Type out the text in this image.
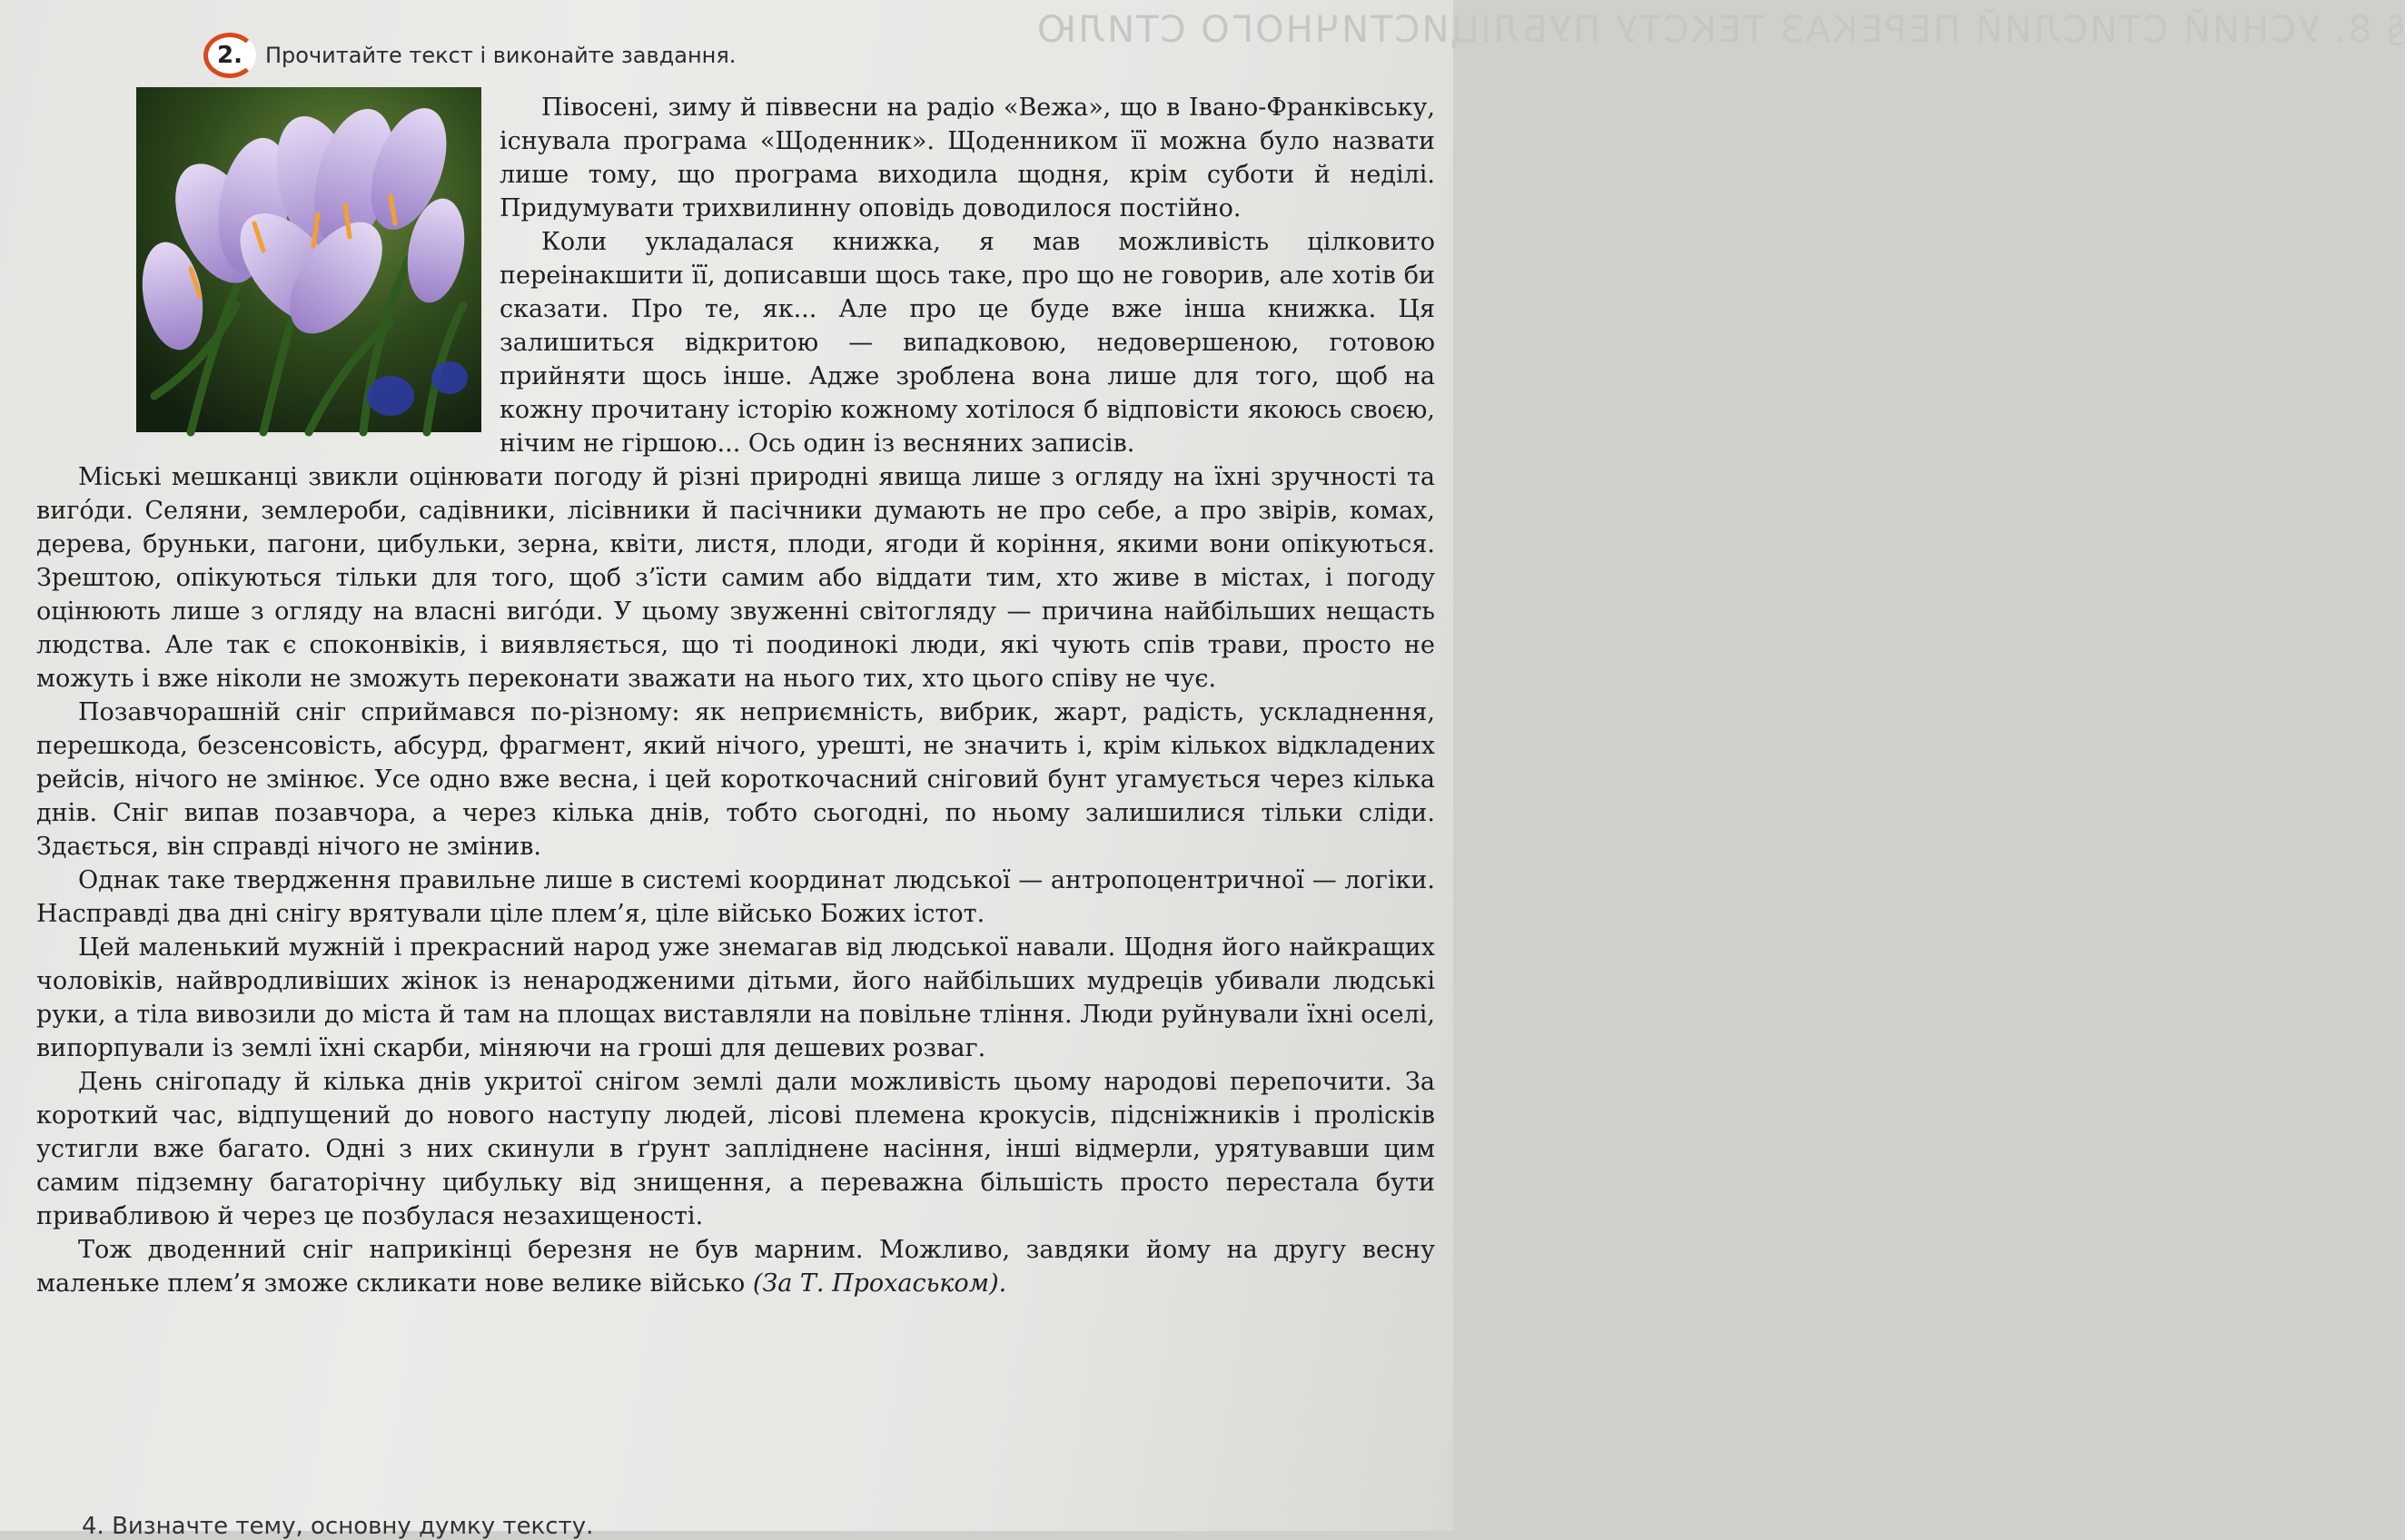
§ 8. УСНИЙ СТИСЛИЙ ПЕРЕКАЗ ТЕКСТУ ПУБЛІЦИСТИЧНОГО СТИЛЮ
2.	Прочитайте текст і виконайте завдання.

Півосені, зиму й піввесни на радіо «Вежа», що в Івано-Франківську, існувала програма «Щоденник». Щоденником її можна було назвати лише тому, що програма виходила щодня, крім суботи й неділі. Придумувати трихвилинну оповідь доводилося постійно.

Коли укладалася книжка, я мав можливість цілковито переінакшити її, дописавши щось таке, про що не говорив, але хотів би сказати. Про те, як... Але про це буде вже інша книжка. Ця залишиться відкритою — випадковою, недовершеною, готовою прийняти щось інше. Адже зроблена вона лише для того, щоб на кожну прочитану історію кожному хотілося б відповісти якоюсь своєю, нічим не гіршою... Ось один із весняних записів.

Міські мешканці звикли оцінювати погоду й різні природні явища лише з огляду на їхні зручності та виго́ди. Селяни, землероби, садівники, лісівники й пасічники думають не про себе, а про звірів, комах, дерева, бруньки, пагони, цибульки, зерна, квіти, листя, плоди, ягоди й коріння, якими вони опікуються. Зрештою, опікуються тільки для того, щоб з’їсти самим або віддати тим, хто живе в містах, і погоду оцінюють лише з огляду на власні виго́ди. У цьому звуженні світогляду — причина найбільших нещасть людства. Але так є споконвіків, і виявляється, що ті поодинокі люди, які чують спів трави, просто не можуть і вже ніколи не зможуть переконати зважати на нього тих, хто цього співу не чує.

Позавчорашній сніг сприймався по-різному: як неприємність, вибрик, жарт, радість, ускладнення, перешкода, безсенсовість, абсурд, фрагмент, який нічого, урешті, не значить і, крім кількох відкладених рейсів, нічого не змінює. Усе одно вже весна, і цей короткочасний сніговий бунт угамується через кілька днів. Сніг випав позавчора, а через кілька днів, тобто сьогодні, по ньому залишилися тільки сліди. Здається, він справді нічого не змінив.

Однак таке твердження правильне лише в системі координат людської — антропоцентричної — логіки. Насправді два дні снігу врятували ціле плем’я, ціле військо Божих істот.

Цей маленький мужній і прекрасний народ уже знемагав від людської навали. Щодня його найкращих чоловіків, найвродливіших жінок із ненародженими дітьми, його найбільших мудреців убивали людські руки, а тіла вивозили до міста й там на площах виставляли на повільне тління. Люди руйнували їхні оселі, випорпували із землі їхні скарби, міняючи на гроші для дешевих розваг.

День снігопаду й кілька днів укритої снігом землі дали можливість цьому народові перепочити. За короткий час, відпущений до нового наступу людей, лісові племена крокусів, підсніжників і пролісків устигли вже багато. Одні з них скинули в ґрунт запліднене насіння, інші відмерли, урятувавши цим самим підземну багаторічну цибульку від знищення, а переважна більшість просто перестала бути привабливою й через це позбулася незахищеності.

Тож дводенний сніг наприкінці березня не був марним. Можливо, завдяки йому на другу весну маленьке плем’я зможе скликати нове велике військо (За Т. Прохаськом).

4. Визначте тему, основну думку тексту.
